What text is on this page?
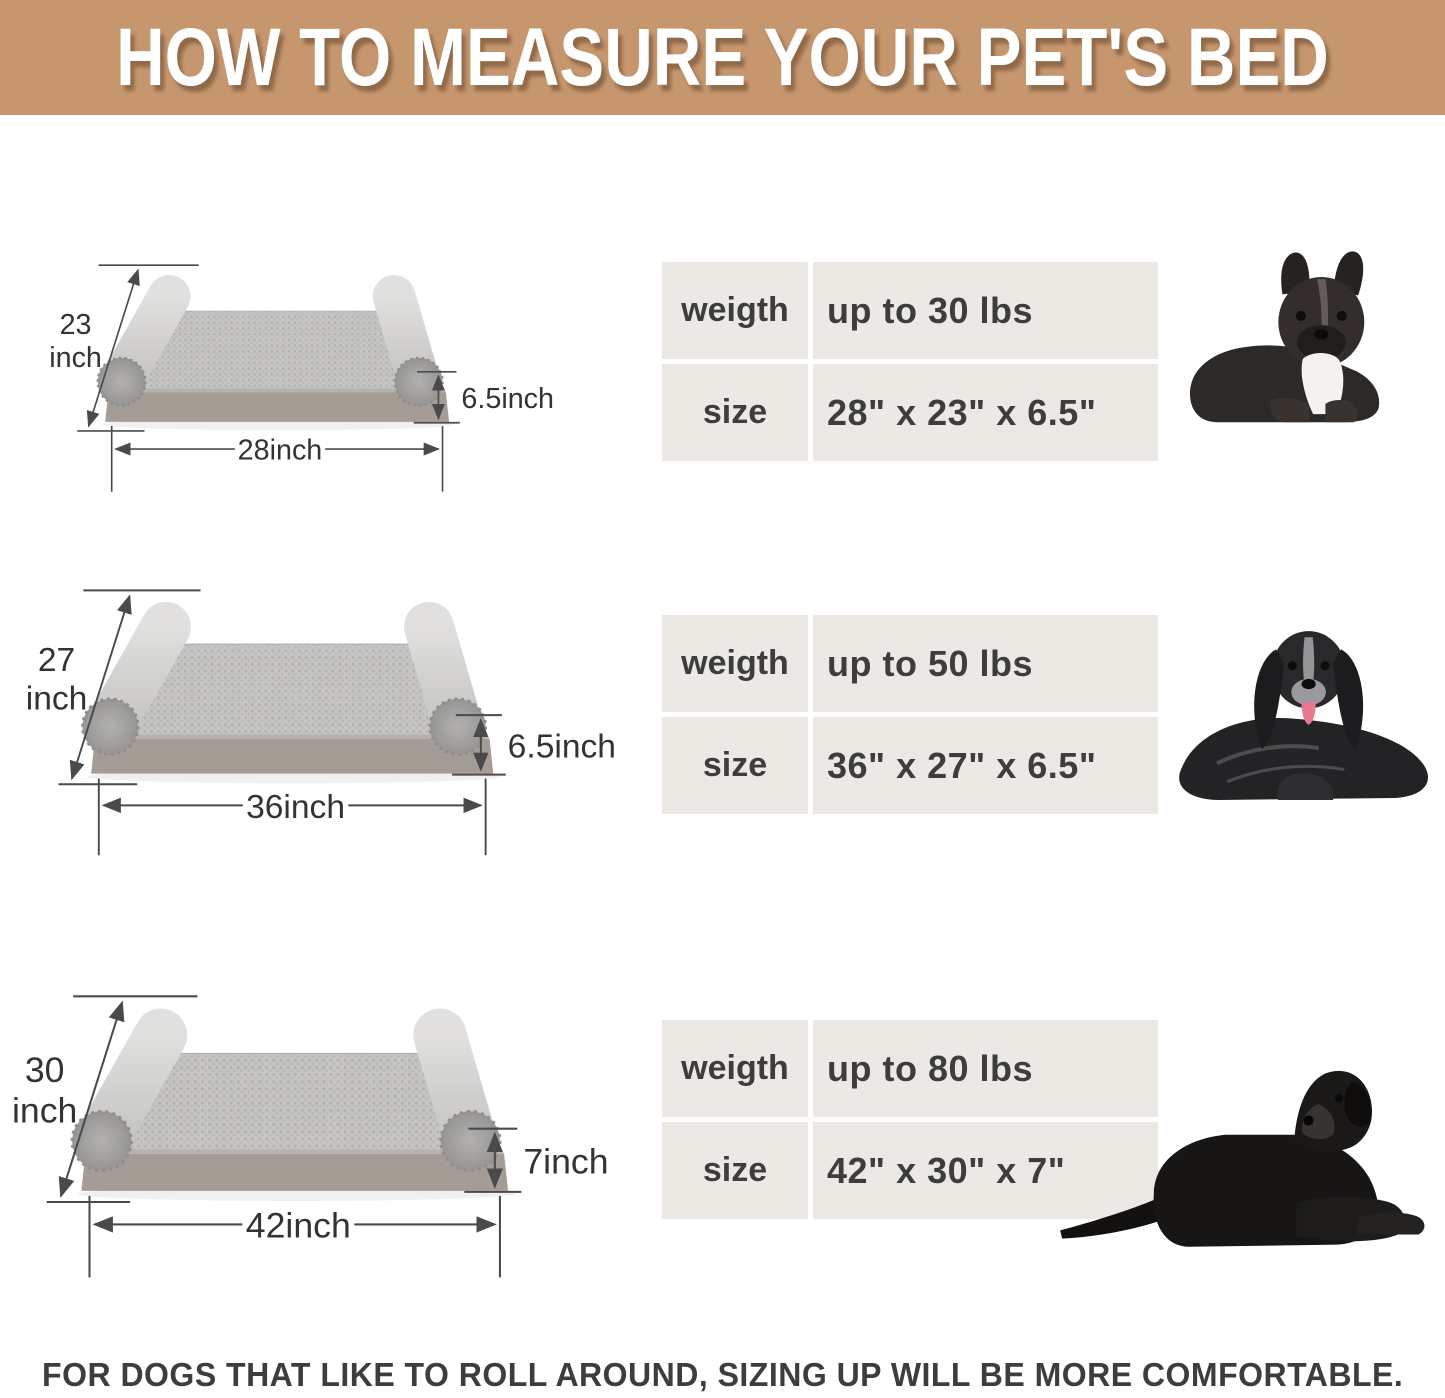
HOW TO MEASURE YOUR PET'S BED
23
inch
28inch
6.5inch
weigth	up to 30 lbs
size	28" x 23" x 6.5"
27
inch
36inch
6.5inch
weigth	up to 50 lbs
size	36" x 27" x 6.5"
30
inch
42inch
7inch
weigth	up to 80 lbs
size	42" x 30" x 7"
FOR DOGS THAT LIKE TO ROLL AROUND, SIZING UP WILL BE MORE COMFORTABLE.
